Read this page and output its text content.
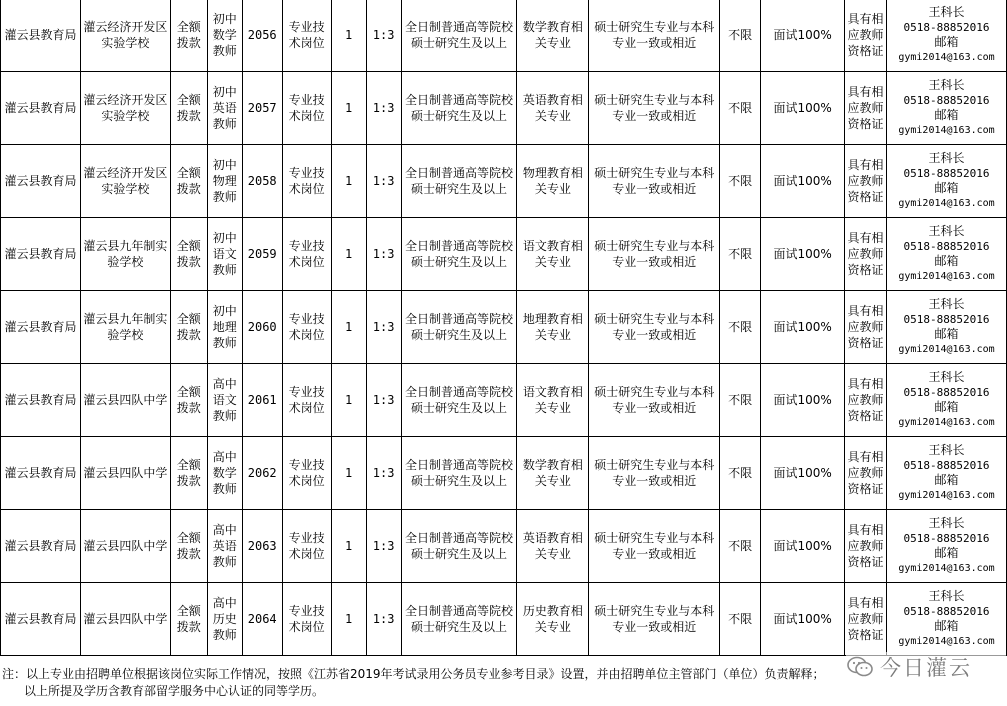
灌云县教育局	灌云经济开发区实验学校	全额拨款	初中数学教师	2056	专业技术岗位	1	1:3	全日制普通高等院校硕士研究生及以上	数学教育相关专业	硕士研究生专业与本科专业一致或相近	不限	面试100%	具有相应教师资格证	王科长
0518-88852016
邮箱
gymi2014@163.com

灌云县教育局	灌云经济开发区实验学校	全额拨款	初中英语教师	2057	专业技术岗位	1	1:3	全日制普通高等院校硕士研究生及以上	英语教育相关专业	硕士研究生专业与本科专业一致或相近	不限	面试100%	具有相应教师资格证	王科长
0518-88852016
邮箱
gymi2014@163.com

灌云县教育局	灌云经济开发区实验学校	全额拨款	初中物理教师	2058	专业技术岗位	1	1:3	全日制普通高等院校硕士研究生及以上	物理教育相关专业	硕士研究生专业与本科专业一致或相近	不限	面试100%	具有相应教师资格证	王科长
0518-88852016
邮箱
gymi2014@163.com

灌云县教育局	灌云县九年制实验学校	全额拨款	初中语文教师	2059	专业技术岗位	1	1:3	全日制普通高等院校硕士研究生及以上	语文教育相关专业	硕士研究生专业与本科专业一致或相近	不限	面试100%	具有相应教师资格证	王科长
0518-88852016
邮箱
gymi2014@163.com

灌云县教育局	灌云县九年制实验学校	全额拨款	初中地理教师	2060	专业技术岗位	1	1:3	全日制普通高等院校硕士研究生及以上	地理教育相关专业	硕士研究生专业与本科专业一致或相近	不限	面试100%	具有相应教师资格证	王科长
0518-88852016
邮箱
gymi2014@163.com

灌云县教育局	灌云县四队中学	全额拨款	高中语文教师	2061	专业技术岗位	1	1:3	全日制普通高等院校硕士研究生及以上	语文教育相关专业	硕士研究生专业与本科专业一致或相近	不限	面试100%	具有相应教师资格证	王科长
0518-88852016
邮箱
gymi2014@163.com

灌云县教育局	灌云县四队中学	全额拨款	高中数学教师	2062	专业技术岗位	1	1:3	全日制普通高等院校硕士研究生及以上	数学教育相关专业	硕士研究生专业与本科专业一致或相近	不限	面试100%	具有相应教师资格证	王科长
0518-88852016
邮箱
gymi2014@163.com

灌云县教育局	灌云县四队中学	全额拨款	高中英语教师	2063	专业技术岗位	1	1:3	全日制普通高等院校硕士研究生及以上	英语教育相关专业	硕士研究生专业与本科专业一致或相近	不限	面试100%	具有相应教师资格证	王科长
0518-88852016
邮箱
gymi2014@163.com

灌云县教育局	灌云县四队中学	全额拨款	高中历史教师	2064	专业技术岗位	1	1:3	全日制普通高等院校硕士研究生及以上	历史教育相关专业	硕士研究生专业与本科专业一致或相近	不限	面试100%	具有相应教师资格证	王科长
0518-88852016
邮箱
gymi2014@163.com
注：以上专业由招聘单位根据该岗位实际工作情况，按照《江苏省2019年考试录用公务员专业参考目录》设置，并由招聘单位主管部门（单位）负责解释；
以上所提及学历含教育部留学服务中心认证的同等学历。
今日灌云
